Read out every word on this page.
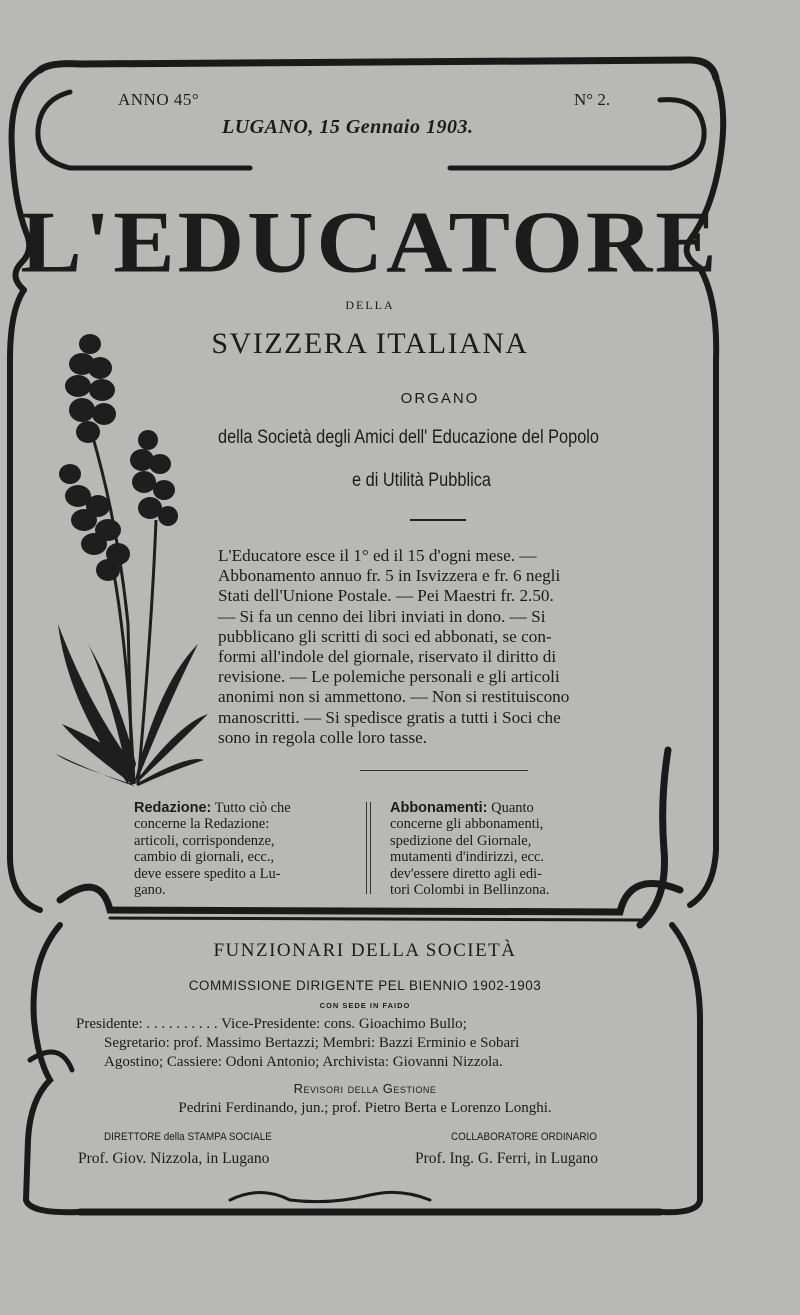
ANNO 45°	N° 2.
LUGANO, 15 Gennaio 1903.
L'EDUCATORE
DELLA
SVIZZERA ITALIANA
ORGANO
della Società degli Amici dell' Educazione del Popolo
e di Utilità Pubblica
L'Educatore esce il 1° ed il 15 d'ogni mese. —
Abbonamento annuo fr. 5 in Isvizzera e fr. 6 negli
Stati dell'Unione Postale. — Pei Maestri fr. 2.50.
— Si fa un cenno dei libri inviati in dono. — Si
pubblicano gli scritti di soci ed abbonati, se con-
formi all'indole del giornale, riservato il diritto di
revisione. — Le polemiche personali e gli articoli
anonimi non si ammettono. — Non si restituiscono
manoscritti. — Si spedisce gratis a tutti i Soci che
sono in regola colle loro tasse.
Redazione: Tutto ciò che
concerne la Redazione:
articoli, corrispondenze,
cambio di giornali, ecc.,
deve essere spedito a Lu-
gano.
Abbonamenti: Quanto
concerne gli abbonamenti,
spedizione del Giornale,
mutamenti d'indirizzi, ecc.
dev'essere diretto agli edi-
tori Colombi in Bellinzona.
FUNZIONARI DELLA SOCIETÀ
COMMISSIONE DIRIGENTE PEL BIENNIO 1902-1903
CON SEDE IN FAIDO
Presidente: . . . . . . . . . . Vice-Presidente: cons. Gioachimo Bullo;
Segretario: prof. Massimo Bertazzi; Membri: Bazzi Erminio e Sobari
Agostino; Cassiere: Odoni Antonio; Archivista: Giovanni Nizzola.
Revisori della Gestione
Pedrini Ferdinando, jun.; prof. Pietro Berta e Lorenzo Longhi.
DIRETTORE della STAMPA SOCIALE
Prof. Giov. Nizzola, in Lugano
COLLABORATORE ORDINARIO
Prof. Ing. G. Ferri, in Lugano
